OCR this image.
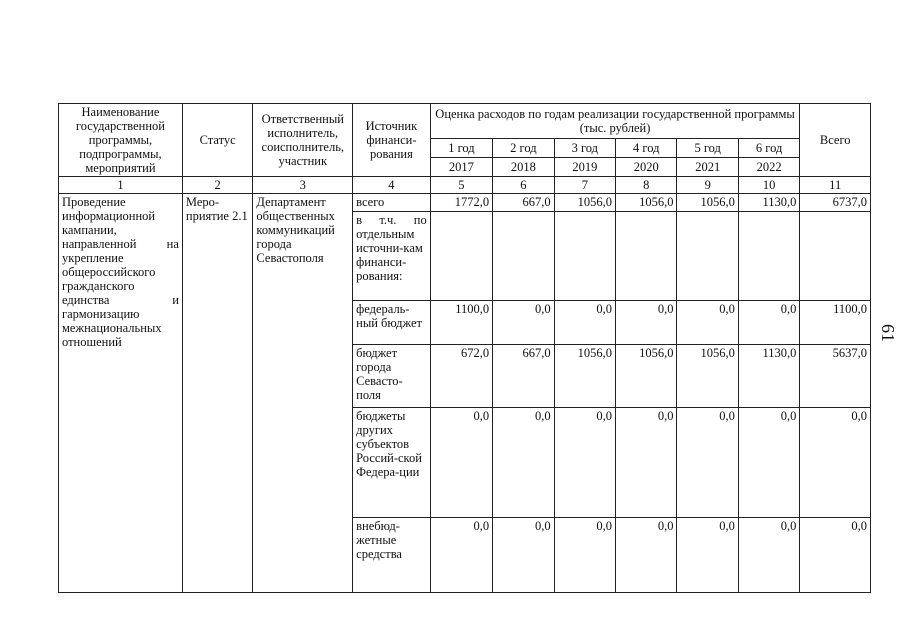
61
Наименование государственной программы, подпрограммы, мероприятий	Статус	Ответственный исполнитель, соисполнитель, участник	Источник финанси-рования	Оценка расходов по годам реализации государственной программы (тыс. рублей)						Всего
				1 год	2 год	3 год	4 год	5 год	6 год	
				2017	2018	2019	2020	2021	2022	
1	2	3	4	5	6	7	8	9	10	11
Проведение информационной кампании, направленной на укрепление общероссийского гражданского единства и гармонизацию межнациональных отношений	Меро-приятие 2.1	Департамент общественных коммуникаций города Севастополя	всего	1772,0	667,0	1056,0	1056,0	1056,0	1130,0	6737,0
			в т.ч. по отдельным источни-кам финанси-рования:							
			федераль-ный бюджет	1100,0	0,0	0,0	0,0	0,0	0,0	1100,0
			бюджет города Севасто-поля	672,0	667,0	1056,0	1056,0	1056,0	1130,0	5637,0
			бюджеты других субъектов Россий-ской Федера-ции	0,0	0,0	0,0	0,0	0,0	0,0	0,0
			внебюд-жетные средства	0,0	0,0	0,0	0,0	0,0	0,0	0,0
